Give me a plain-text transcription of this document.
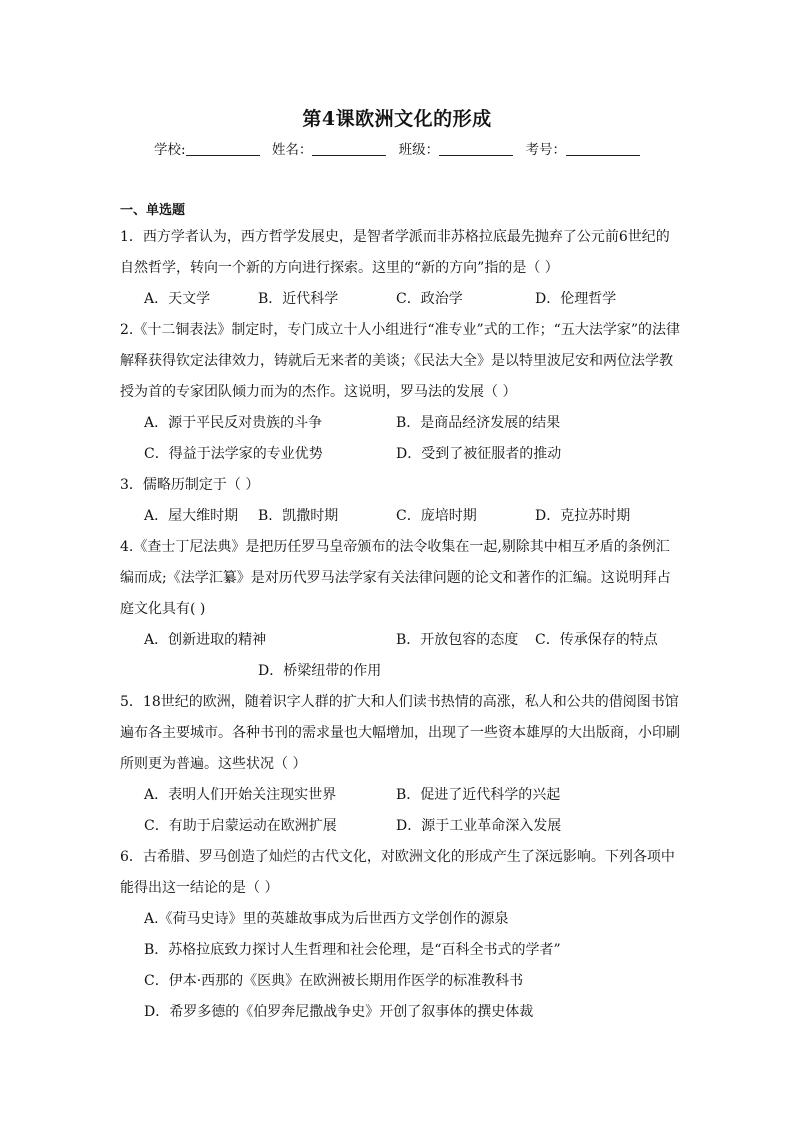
第4课欧洲文化的形成
学校:	姓名：	班级：	考号：
一、单选题
1．西方学者认为，西方哲学发展史，是智者学派而非苏格拉底最先抛弃了公元前6世纪的
自然哲学，转向一个新的方向进行探索。这里的“新的方向”指的是（ ）
A．天文学	B．近代科学	C．政治学	D．伦理哲学
2.《十二铜表法》制定时，专门成立十人小组进行“准专业”式的工作；“五大法学家”的法律
解释获得钦定法律效力，铸就后无来者的美谈；《民法大全》是以特里波尼安和两位法学教
授为首的专家团队倾力而为的杰作。这说明，罗马法的发展（ ）
A．源于平民反对贵族的斗争	B．是商品经济发展的结果
C．得益于法学家的专业优势	D．受到了被征服者的推动
3．儒略历制定于（ ）
A．屋大维时期 B．凯撒时期	C．庞培时期	D．克拉苏时期
4.《查士丁尼法典》是把历任罗马皇帝颁布的法令收集在一起,剔除其中相互矛盾的条例汇
编而成;《法学汇纂》是对历代罗马法学家有关法律问题的论文和著作的汇编。这说明拜占
庭文化具有( )
A．创新进取的精神	B．开放包容的态度 C．传承保存的特点
D．桥梁纽带的作用
5．18世纪的欧洲，随着识字人群的扩大和人们读书热情的高涨，私人和公共的借阅图书馆
遍布各主要城市。各种书刊的需求量也大幅增加，出现了一些资本雄厚的大出版商，小印刷
所则更为普遍。这些状况（ ）
A．表明人们开始关注现实世界	B．促进了近代科学的兴起
C．有助于启蒙运动在欧洲扩展	D．源于工业革命深入发展
6．古希腊、罗马创造了灿烂的古代文化，对欧洲文化的形成产生了深远影响。下列各项中
能得出这一结论的是（ ）
A.《荷马史诗》里的英雄故事成为后世西方文学创作的源泉
B．苏格拉底致力探讨人生哲理和社会伦理，是“百科全书式的学者”
C．伊本·西那的《医典》在欧洲被长期用作医学的标准教科书
D．希罗多德的《伯罗奔尼撒战争史》开创了叙事体的撰史体裁
